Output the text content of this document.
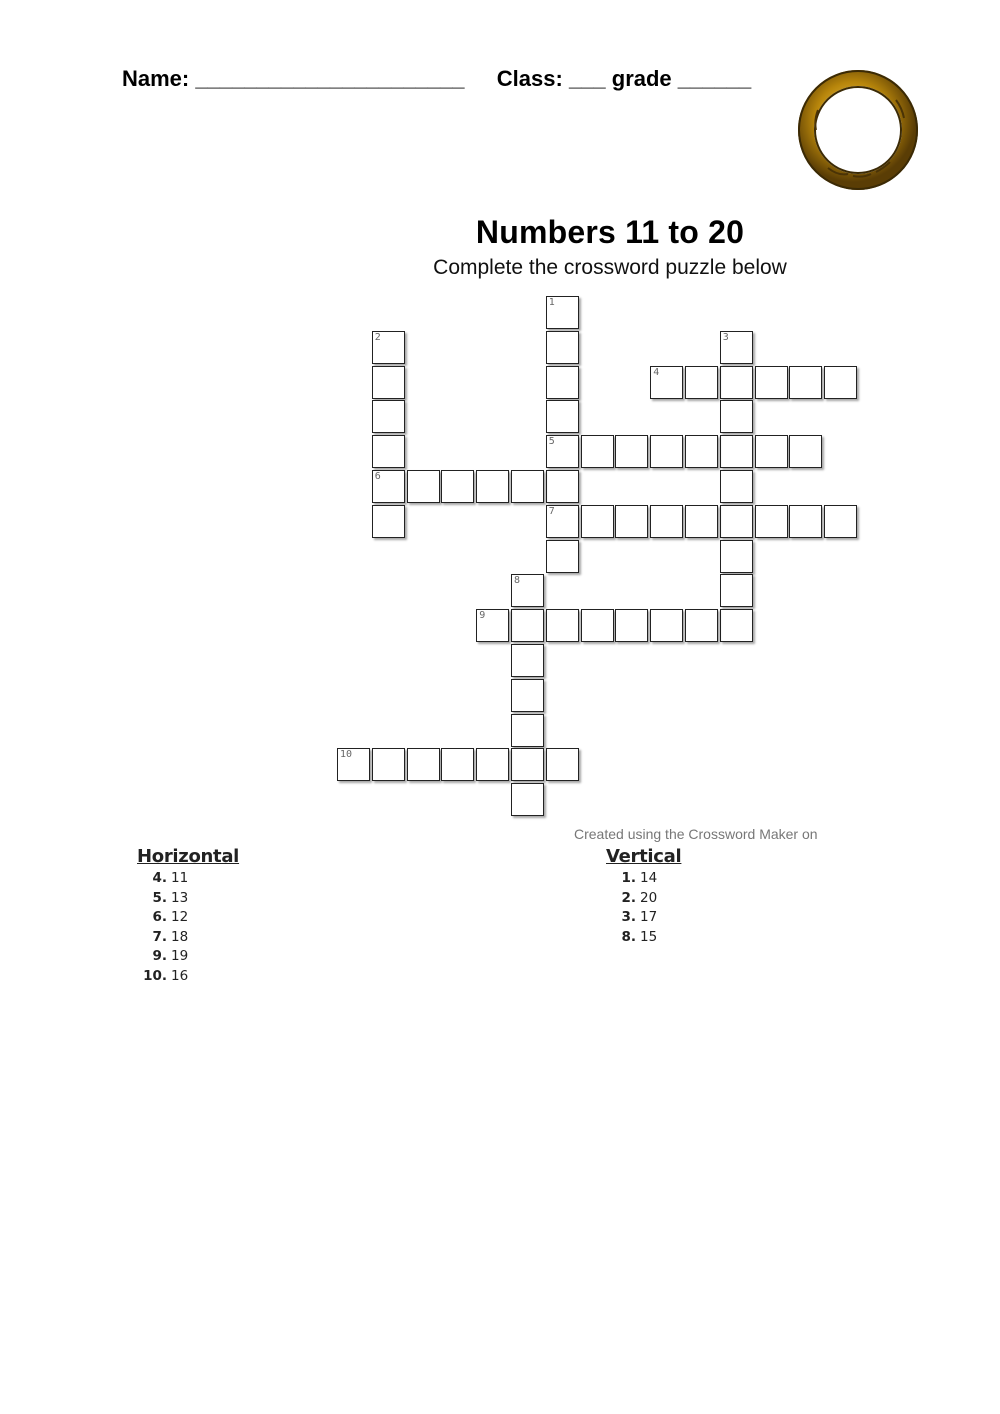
Name: ______________________ Class: ___ grade ______
Numbers 11 to 20
Complete the crossword puzzle below
1
5
7
2
6
3
4
8
9
10
Created using the Crossword Maker on
Horizontal
4. 11
5. 13
6. 12
7. 18
9. 19
10. 16
Vertical
1. 14
2. 20
3. 17
8. 15
